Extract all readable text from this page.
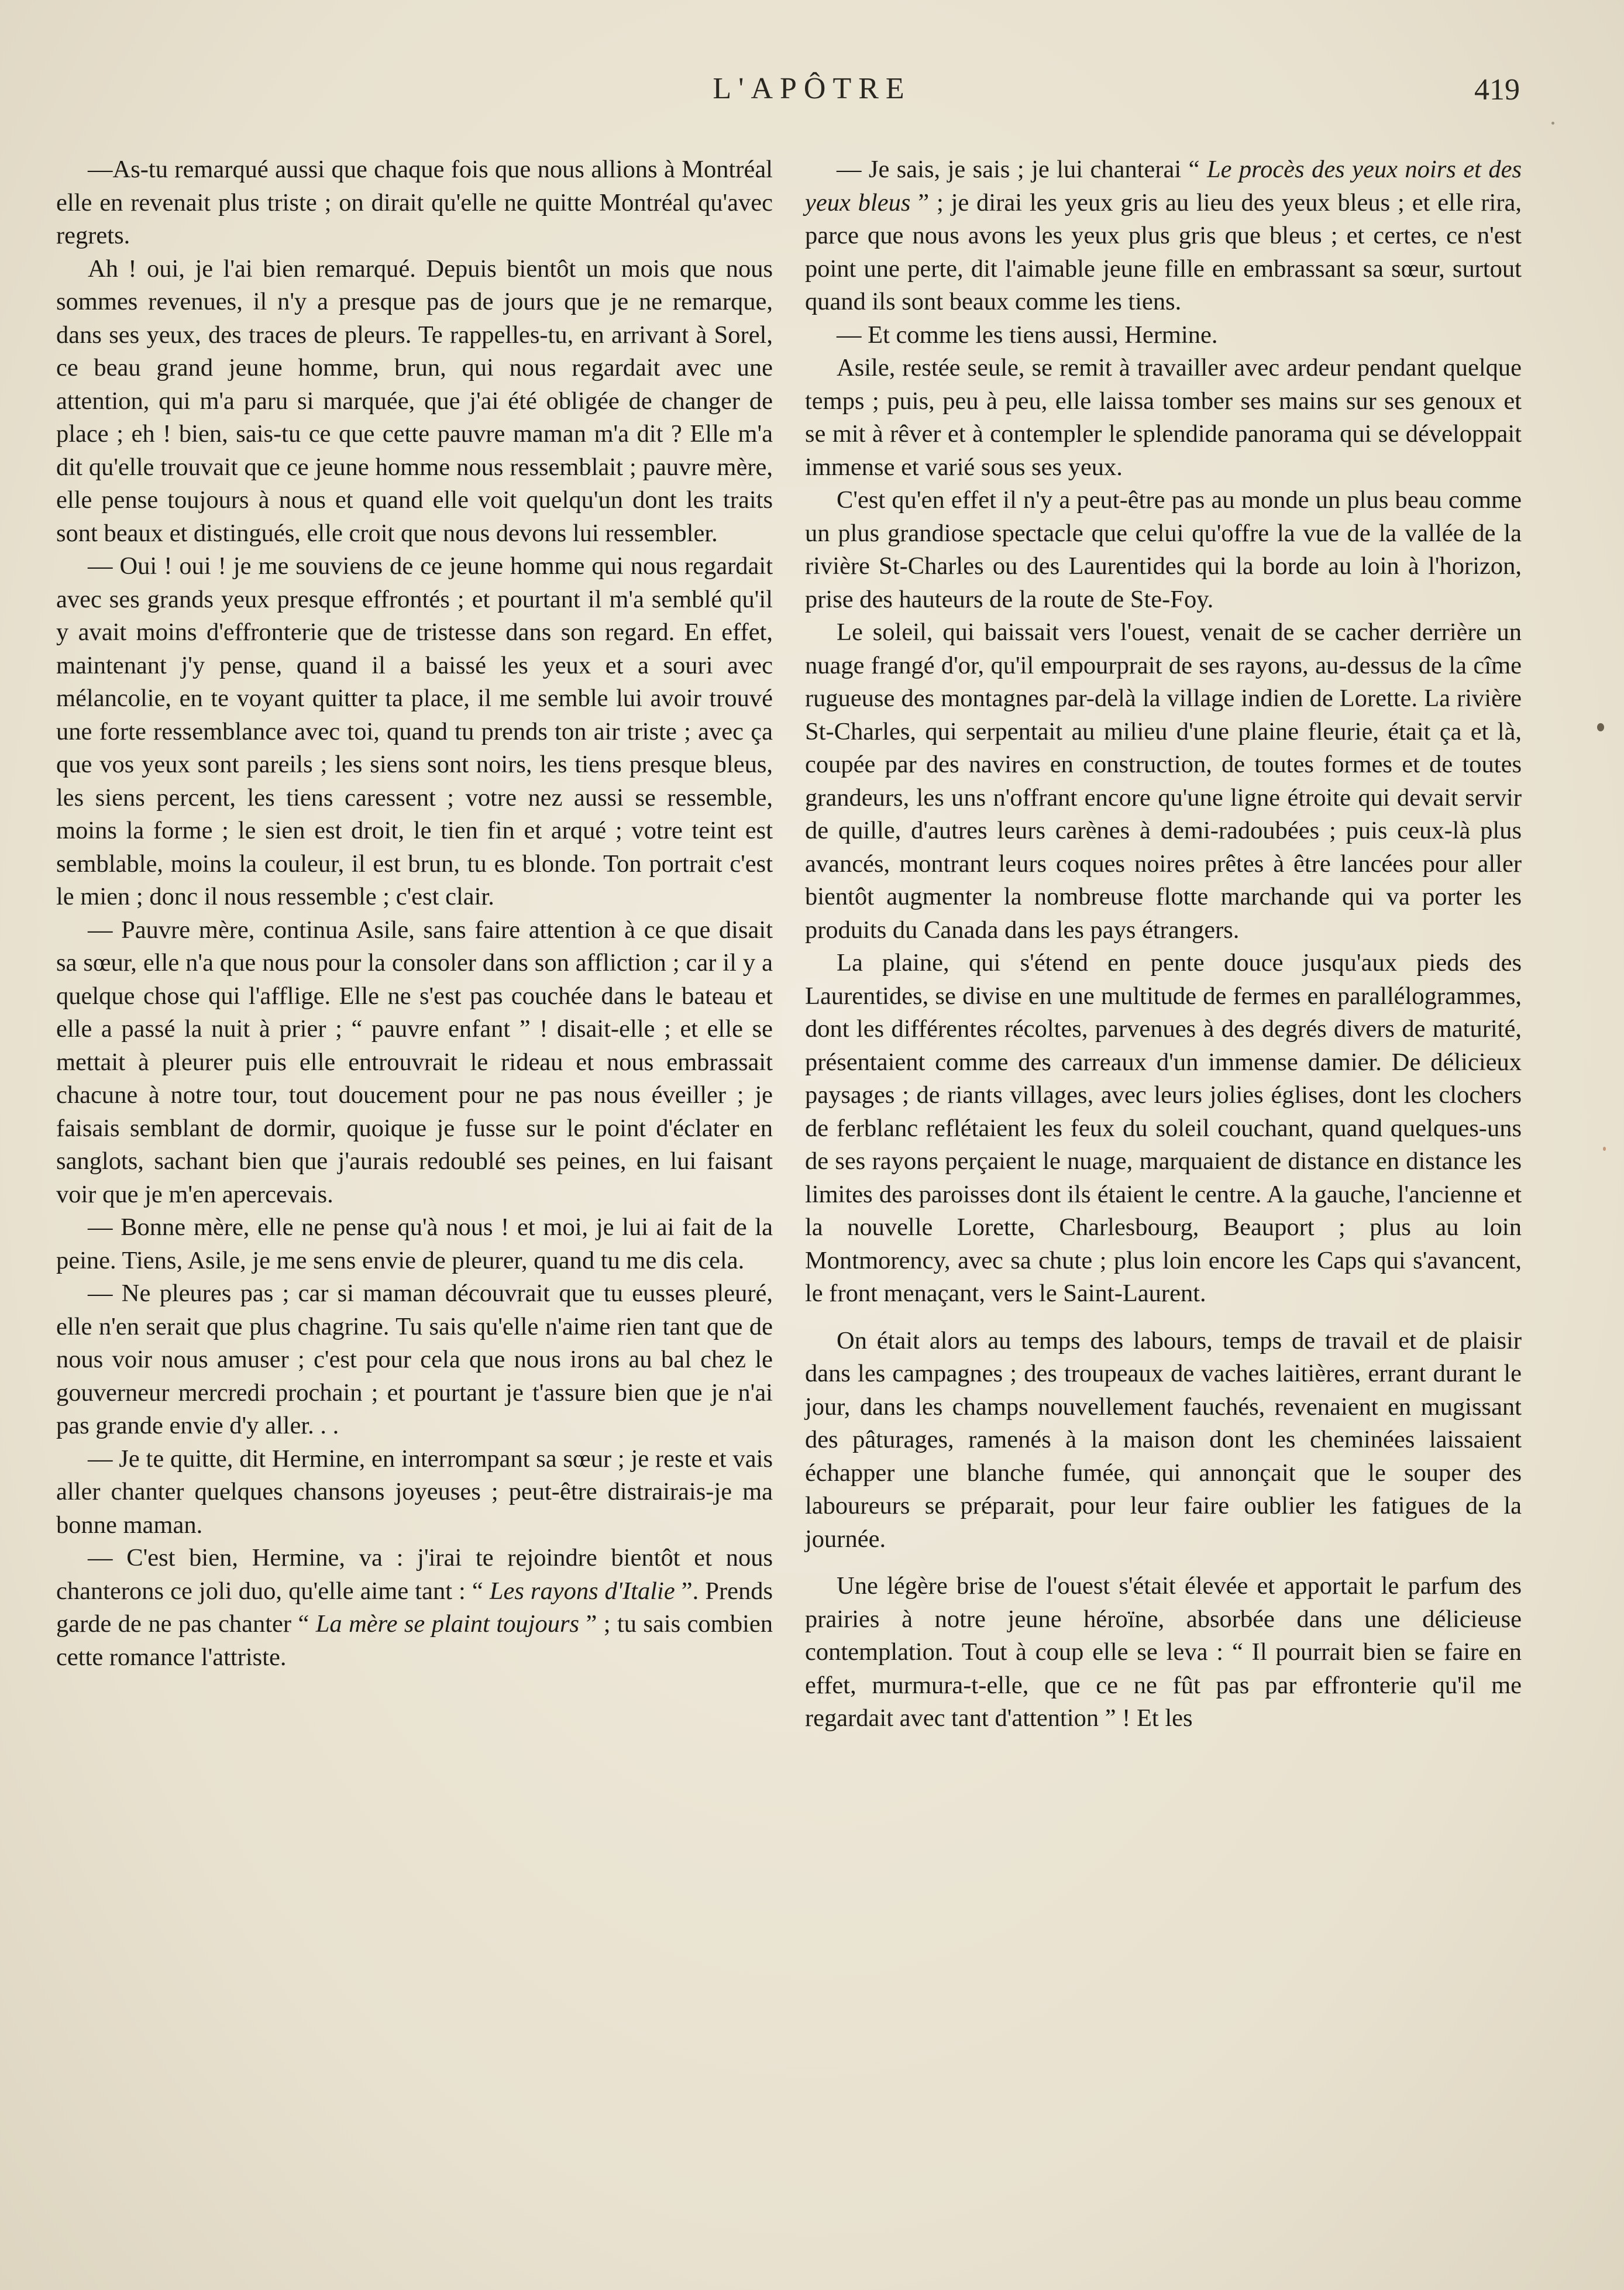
L'APÔTRE	419

—As-tu remarqué aussi que chaque fois que nous allions à Montréal elle en revenait plus triste ; on dirait qu'elle ne quitte Montréal qu'avec regrets.

Ah ! oui, je l'ai bien remarqué. Depuis bientôt un mois que nous sommes revenues, il n'y a presque pas de jours que je ne remarque, dans ses yeux, des traces de pleurs. Te rappelles-tu, en arrivant à Sorel, ce beau grand jeune homme, brun, qui nous regardait avec une attention, qui m'a paru si marquée, que j'ai été obligée de changer de place ; eh ! bien, sais-tu ce que cette pauvre maman m'a dit ? Elle m'a dit qu'elle trouvait que ce jeune homme nous ressemblait ; pauvre mère, elle pense toujours à nous et quand elle voit quelqu'un dont les traits sont beaux et distingués, elle croit que nous devons lui ressembler.

— Oui ! oui ! je me souviens de ce jeune homme qui nous regardait avec ses grands yeux presque effrontés ; et pourtant il m'a semblé qu'il y avait moins d'effronterie que de tristesse dans son regard. En effet, maintenant j'y pense, quand il a baissé les yeux et a souri avec mélancolie, en te voyant quitter ta place, il me semble lui avoir trouvé une forte ressemblance avec toi, quand tu prends ton air triste ; avec ça que vos yeux sont pareils ; les siens sont noirs, les tiens presque bleus, les siens percent, les tiens caressent ; votre nez aussi se ressemble, moins la forme ; le sien est droit, le tien fin et arqué ; votre teint est semblable, moins la couleur, il est brun, tu es blonde. Ton portrait c'est le mien ; donc il nous ressemble ; c'est clair.

— Pauvre mère, continua Asile, sans faire attention à ce que disait sa sœur, elle n'a que nous pour la consoler dans son affliction ; car il y a quelque chose qui l'afflige. Elle ne s'est pas couchée dans le bateau et elle a passé la nuit à prier ; “ pauvre enfant ” ! disait-elle ; et elle se mettait à pleurer puis elle entrouvrait le rideau et nous embrassait chacune à notre tour, tout doucement pour ne pas nous éveiller ; je faisais semblant de dormir, quoique je fusse sur le point d'éclater en sanglots, sachant bien que j'aurais redoublé ses peines, en lui faisant voir que je m'en apercevais.

— Bonne mère, elle ne pense qu'à nous ! et moi, je lui ai fait de la peine. Tiens, Asile, je me sens envie de pleurer, quand tu me dis cela.

— Ne pleures pas ; car si maman découvrait que tu eusses pleuré, elle n'en serait que plus chagrine. Tu sais qu'elle n'aime rien tant que de nous voir nous amuser ; c'est pour cela que nous irons au bal chez le gouverneur mercredi prochain ; et pourtant je t'assure bien que je n'ai pas grande envie d'y aller. . .

— Je te quitte, dit Hermine, en interrompant sa sœur ; je reste et vais aller chanter quelques chansons joyeuses ; peut-être distrairais-je ma bonne maman.

— C'est bien, Hermine, va : j'irai te rejoindre bientôt et nous chanterons ce joli duo, qu'elle aime tant : “ Les rayons d'Italie ”. Prends garde de ne pas chanter “ La mère se plaint toujours ” ; tu sais combien cette romance l'attriste.

— Je sais, je sais ; je lui chanterai “ Le procès des yeux noirs et des yeux bleus ” ; je dirai les yeux gris au lieu des yeux bleus ; et elle rira, parce que nous avons les yeux plus gris que bleus ; et certes, ce n'est point une perte, dit l'aimable jeune fille en embrassant sa sœur, surtout quand ils sont beaux comme les tiens.

— Et comme les tiens aussi, Hermine.

Asile, restée seule, se remit à travailler avec ardeur pendant quelque temps ; puis, peu à peu, elle laissa tomber ses mains sur ses genoux et se mit à rêver et à contempler le splendide panorama qui se développait immense et varié sous ses yeux.

C'est qu'en effet il n'y a peut-être pas au monde un plus beau comme un plus grandiose spectacle que celui qu'offre la vue de la vallée de la rivière St-Charles ou des Laurentides qui la borde au loin à l'horizon, prise des hauteurs de la route de Ste-Foy.

Le soleil, qui baissait vers l'ouest, venait de se cacher derrière un nuage frangé d'or, qu'il empourprait de ses rayons, au-dessus de la cîme rugueuse des montagnes par-delà la village indien de Lorette. La rivière St-Charles, qui serpentait au milieu d'une plaine fleurie, était ça et là, coupée par des navires en construction, de toutes formes et de toutes grandeurs, les uns n'offrant encore qu'une ligne étroite qui devait servir de quille, d'autres leurs carènes à demi-radoubées ; puis ceux-là plus avancés, montrant leurs coques noires prêtes à être lancées pour aller bientôt augmenter la nombreuse flotte marchande qui va porter les produits du Canada dans les pays étrangers.

La plaine, qui s'étend en pente douce jusqu'aux pieds des Laurentides, se divise en une multitude de fermes en parallélogrammes, dont les différentes récoltes, parvenues à des degrés divers de maturité, présentaient comme des carreaux d'un immense damier. De délicieux paysages ; de riants villages, avec leurs jolies églises, dont les clochers de ferblanc reflétaient les feux du soleil couchant, quand quelques-uns de ses rayons perçaient le nuage, marquaient de distance en distance les limites des paroisses dont ils étaient le centre. A la gauche, l'ancienne et la nouvelle Lorette, Charlesbourg, Beauport ; plus au loin Montmorency, avec sa chute ; plus loin encore les Caps qui s'avancent, le front menaçant, vers le Saint-Laurent.

On était alors au temps des labours, temps de travail et de plaisir dans les campagnes ; des troupeaux de vaches laitières, errant durant le jour, dans les champs nouvellement fauchés, revenaient en mugissant des pâturages, ramenés à la maison dont les cheminées laissaient échapper une blanche fumée, qui annonçait que le souper des laboureurs se préparait, pour leur faire oublier les fatigues de la journée.

Une légère brise de l'ouest s'était élevée et apportait le parfum des prairies à notre jeune héroïne, absorbée dans une délicieuse contemplation. Tout à coup elle se leva : “ Il pourrait bien se faire en effet, murmura-t-elle, que ce ne fût pas par effronterie qu'il me regardait avec tant d'attention ” ! Et les
